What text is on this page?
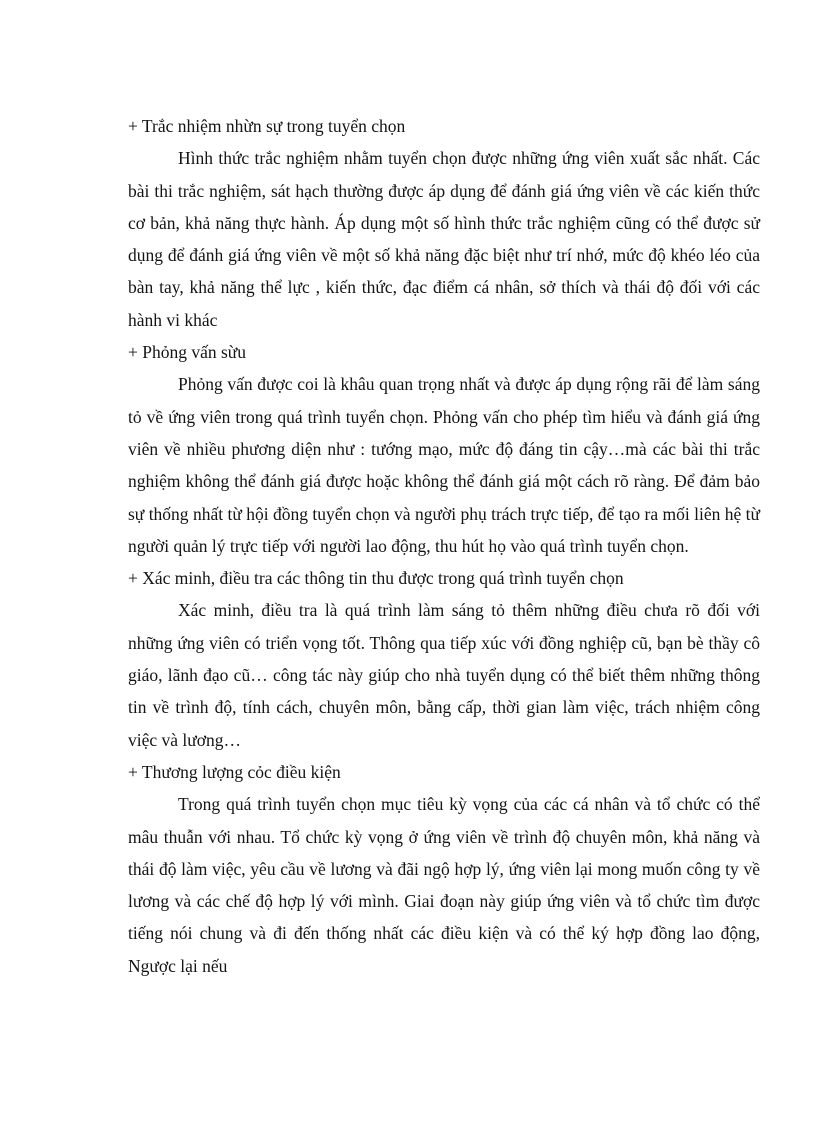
+ Trắc nhiệm nhừn sự trong tuyển chọn

Hình thức trắc nghiệm nhằm tuyển chọn được những ứng viên xuất sắc nhất. Các bài thi trắc nghiệm, sát hạch thường được áp dụng để đánh giá ứng viên về các kiến thức cơ bản, khả năng thực hành. Áp dụng một số hình thức trắc nghiệm cũng có thể được sử dụng để đánh giá ứng viên về một số khả năng đặc biệt như trí nhớ, mức độ khéo léo của bàn tay, khả năng thể lực , kiến thức, đạc điểm cá nhân, sở thích và thái độ đối với các hành vi khác

+ Phỏng vấn sừu

Phỏng vấn được coi là khâu quan trọng nhất và được áp dụng rộng rãi để làm sáng tỏ về ứng viên trong quá trình tuyển chọn. Phỏng vấn cho phép tìm hiểu và đánh giá ứng viên về nhiều phương diện như : tướng mạo, mức độ đáng tin cậy…mà các bài thi trắc nghiệm không thể đánh giá được hoặc không thể đánh giá một cách rõ ràng. Để đảm bảo sự thống nhất từ hội đồng tuyển chọn và người phụ trách trực tiếp, để tạo ra mối liên hệ từ người quản lý trực tiếp với người lao động, thu hút họ vào quá trình tuyển chọn.

+ Xác minh, điều tra các thông tin thu được trong quá trình tuyển chọn

Xác minh, điều tra là quá trình làm sáng tỏ thêm những điều chưa rõ đối với những ứng viên có triển vọng tốt. Thông qua tiếp xúc với đồng nghiệp cũ, bạn bè thầy cô giáo, lãnh đạo cũ… công tác này giúp cho nhà tuyển dụng có thể biết thêm những thông tin về trình độ, tính cách, chuyên môn, bằng cấp, thời gian làm việc, trách nhiệm công việc và lương…

+ Thương lượng cỏc điều kiện

Trong quá trình tuyển chọn mục tiêu kỳ vọng của các cá nhân và tổ chức có thể mâu thuẫn với nhau. Tổ chức kỳ vọng ở ứng viên về trình độ chuyên môn, khả năng và thái độ làm việc, yêu cầu về lương và đãi ngộ hợp lý, ứng viên lại mong muốn công ty về lương và các chế độ hợp lý với mình. Giai đoạn này giúp ứng viên và tổ chức tìm được tiếng nói chung và đi đến thống nhất các điều kiện và có thể ký hợp đồng lao động, Ngược lại nếu
